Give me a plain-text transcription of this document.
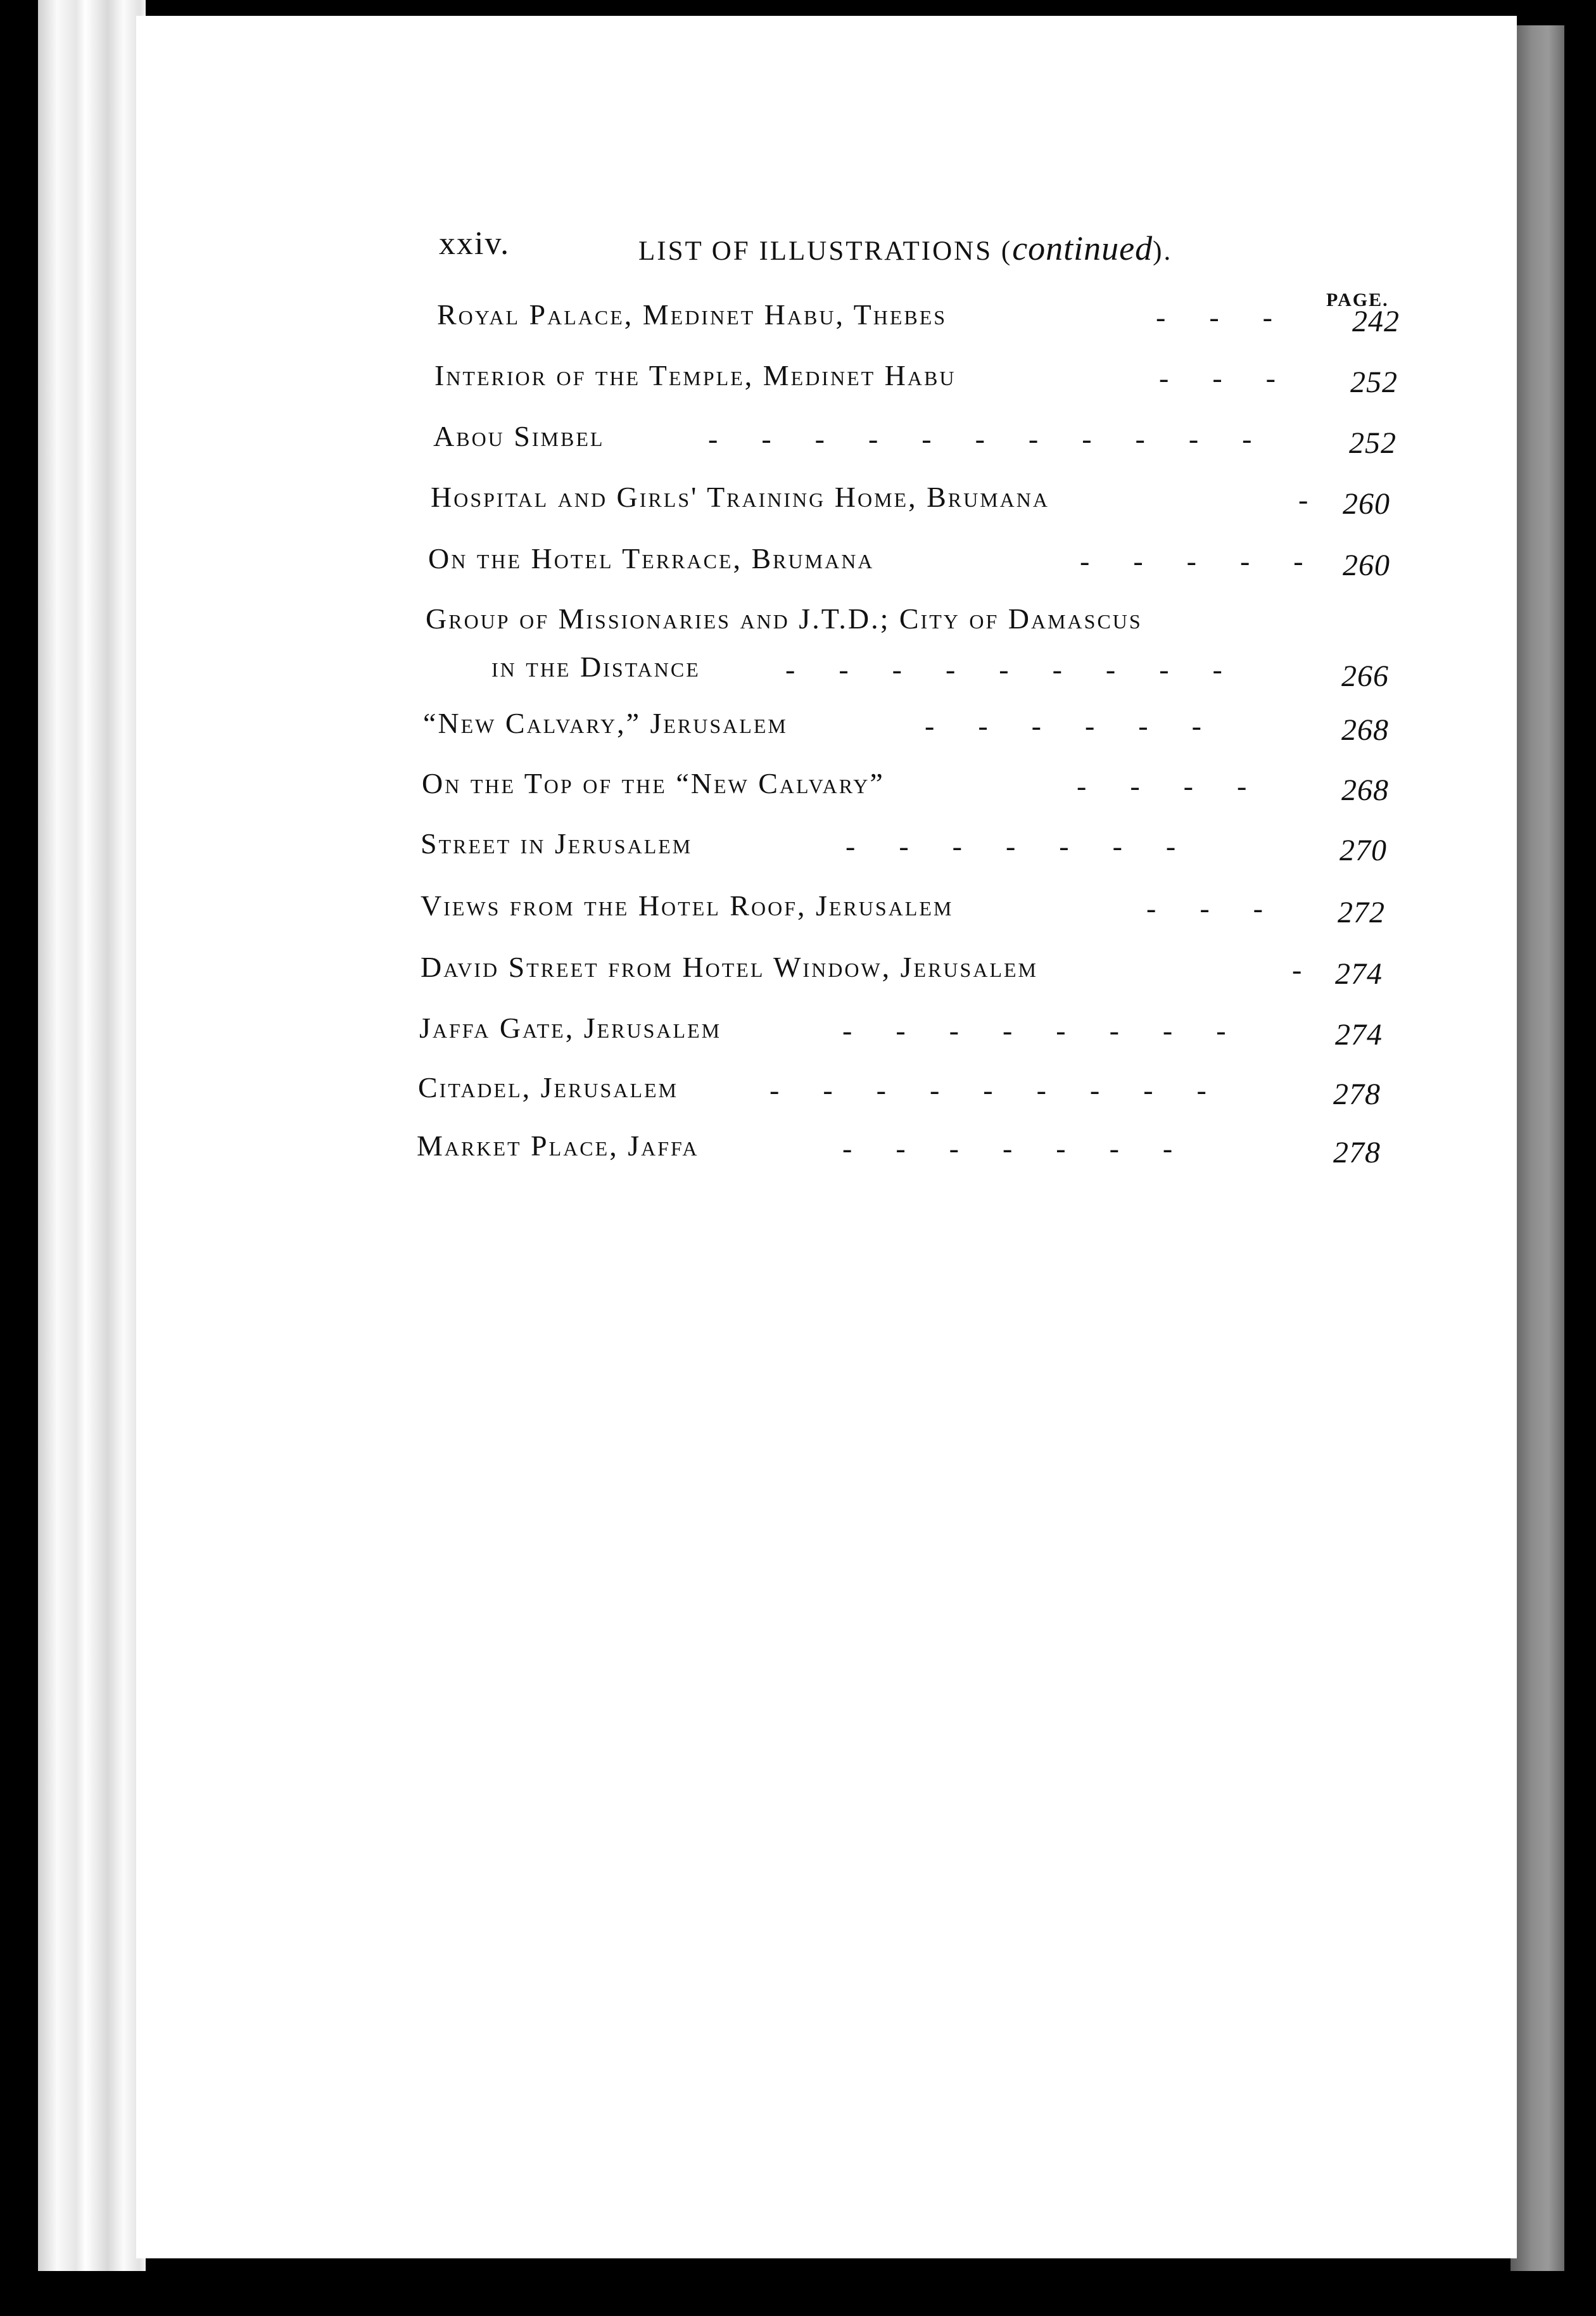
xxiv.	LIST OF ILLUSTRATIONS (continued).
PAGE.
Royal Palace, Medinet Habu, Thebes	-      -      -	242
Interior of the Temple, Medinet Habu	-      -      - 252
Abou Simbel	-      -      -      -      -      -      -      -      -      -      -	252
Hospital and Girls' Training Home, Brumana	- 260
On the Hotel Terrace, Brumana	-      -      -      -      - 260
Group of Missionaries and J.T.D.; City of Damascus
in the Distance	-      -      -      -      -      -      -      -      -	266
“New Calvary,” Jerusalem	-      -      -      -      -      -	268
On the Top of the “New Calvary”	-      -      -      -	268
Street in Jerusalem	-      -      -      -      -      -      -	270
Views from the Hotel Roof, Jerusalem	-      -      - 272
David Street from Hotel Window, Jerusalem	- 274
Jaffa Gate, Jerusalem	-      -      -      -      -      -      -      -	274
Citadel, Jerusalem	-      -      -      -      -      -      -      -      -	278
Market Place, Jaffa	-      -      -      -      -      -      -	278
